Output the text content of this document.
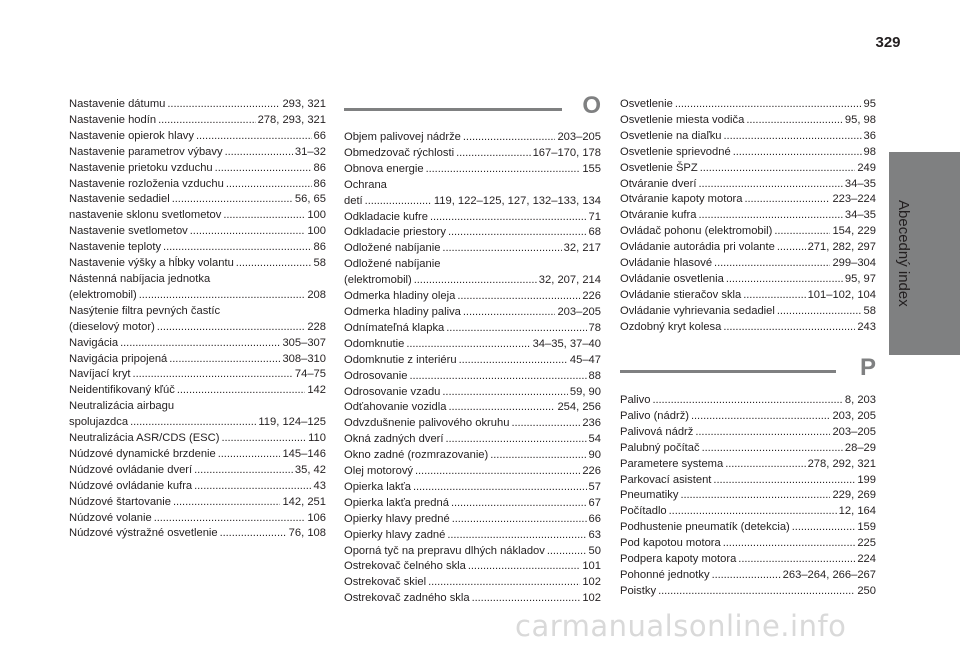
329
Abecedný index
Nastavenie dátumu . . .	293, 321
Nastavenie hodín . . .	278, 293, 321
Nastavenie opierok hlavy . . .	66
Nastavenie parametrov výbavy . . .	31–32
Nastavenie prietoku vzduchu . . .	86
Nastavenie rozloženia vzduchu . . .	86
Nastavenie sedadiel . . .	56, 65
nastavenie sklonu svetlometov . . .	100
Nastavenie svetlometov . . .	100
Nastavenie teploty . . .	86
Nastavenie výšky a hĺbky volantu . . .	58
Nástenná nabíjacia jednotka
(elektromobil) . . .	208
Nasýtenie filtra pevných častíc
(dieselový motor) . . .	228
Navigácia . . .	305–307
Navigácia pripojená . . .	308–310
Navíjací kryt . . .	74–75
Neidentifikovaný kľúč . . .	142
Neutralizácia airbagu
spolujazdca . . .	119, 124–125
Neutralizácia ASR/CDS (ESC) . . .	110
Núdzové dynamické brzdenie . . .	145–146
Núdzové ovládanie dverí . . .	35, 42
Núdzové ovládanie kufra . . .	43
Núdzové štartovanie . . .	142, 251
Núdzové volanie . . .	106
Núdzové výstražné osvetlenie . . .	76, 108
O
Objem palivovej nádrže . . .	203–205
Obmedzovač rýchlosti . . .	167–170, 178
Obnova energie . . .	155
Ochrana
detí . . .	119, 122–125, 127, 132–133, 134
Odkladacie kufre . . .	71
Odkladacie priestory . . .	68
Odložené nabíjanie . . .	32, 217
Odložené nabíjanie
(elektromobil) . . .	32, 207, 214
Odmerka hladiny oleja . . .	226
Odmerka hladiny paliva . . .	203–205
Odnímateľná klapka . . .	78
Odomknutie . . .	34–35, 37–40
Odomknutie z interiéru . . .	45–47
Odrosovanie . . .	88
Odrosovanie vzadu . . .	59, 90
Odťahovanie vozidla . . .	254, 256
Odvzdušnenie palivového okruhu . . .	236
Okná zadných dverí . . .	54
Okno zadné (rozmrazovanie) . . .	90
Olej motorový . . .	226
Opierka lakťa . . .	57
Opierka lakťa predná . . .	67
Opierky hlavy predné . . .	66
Opierky hlavy zadné . . .	63
Oporná tyč na prepravu dlhých nákladov . . .	50
Ostrekovač čelného skla . . .	101
Ostrekovač skiel . . .	102
Ostrekovač zadného skla . . .	102
Osvetlenie . . .	95
Osvetlenie miesta vodiča . . .	95, 98
Osvetlenie na diaľku . . .	36
Osvetlenie sprievodné . . .	98
Osvetlenie ŠPZ . . .	249
Otváranie dverí . . .	34–35
Otváranie kapoty motora . . .	223–224
Otváranie kufra . . .	34–35
Ovládač pohonu (elektromobil) . . .	154, 229
Ovládanie autorádia pri volante . . .	271, 282, 297
Ovládanie hlasové . . .	299–304
Ovládanie osvetlenia . . .	95, 97
Ovládanie stieračov skla . . .	101–102, 104
Ovládanie vyhrievania sedadiel . . .	58
Ozdobný kryt kolesa . . .	243
P
Palivo . . .	8, 203
Palivo (nádrž) . . .	203, 205
Palivová nádrž . . .	203–205
Palubný počítač . . .	28–29
Parametere systema . . .	278, 292, 321
Parkovací asistent . . .	199
Pneumatiky . . .	229, 269
Počítadlo . . .	12, 164
Podhustenie pneumatík (detekcia) . . .	159
Pod kapotou motora . . .	225
Podpera kapoty motora . . .	224
Pohonné jednotky . . .	263–264, 266–267
Poistky . . .	250
carmanualsonline.info
